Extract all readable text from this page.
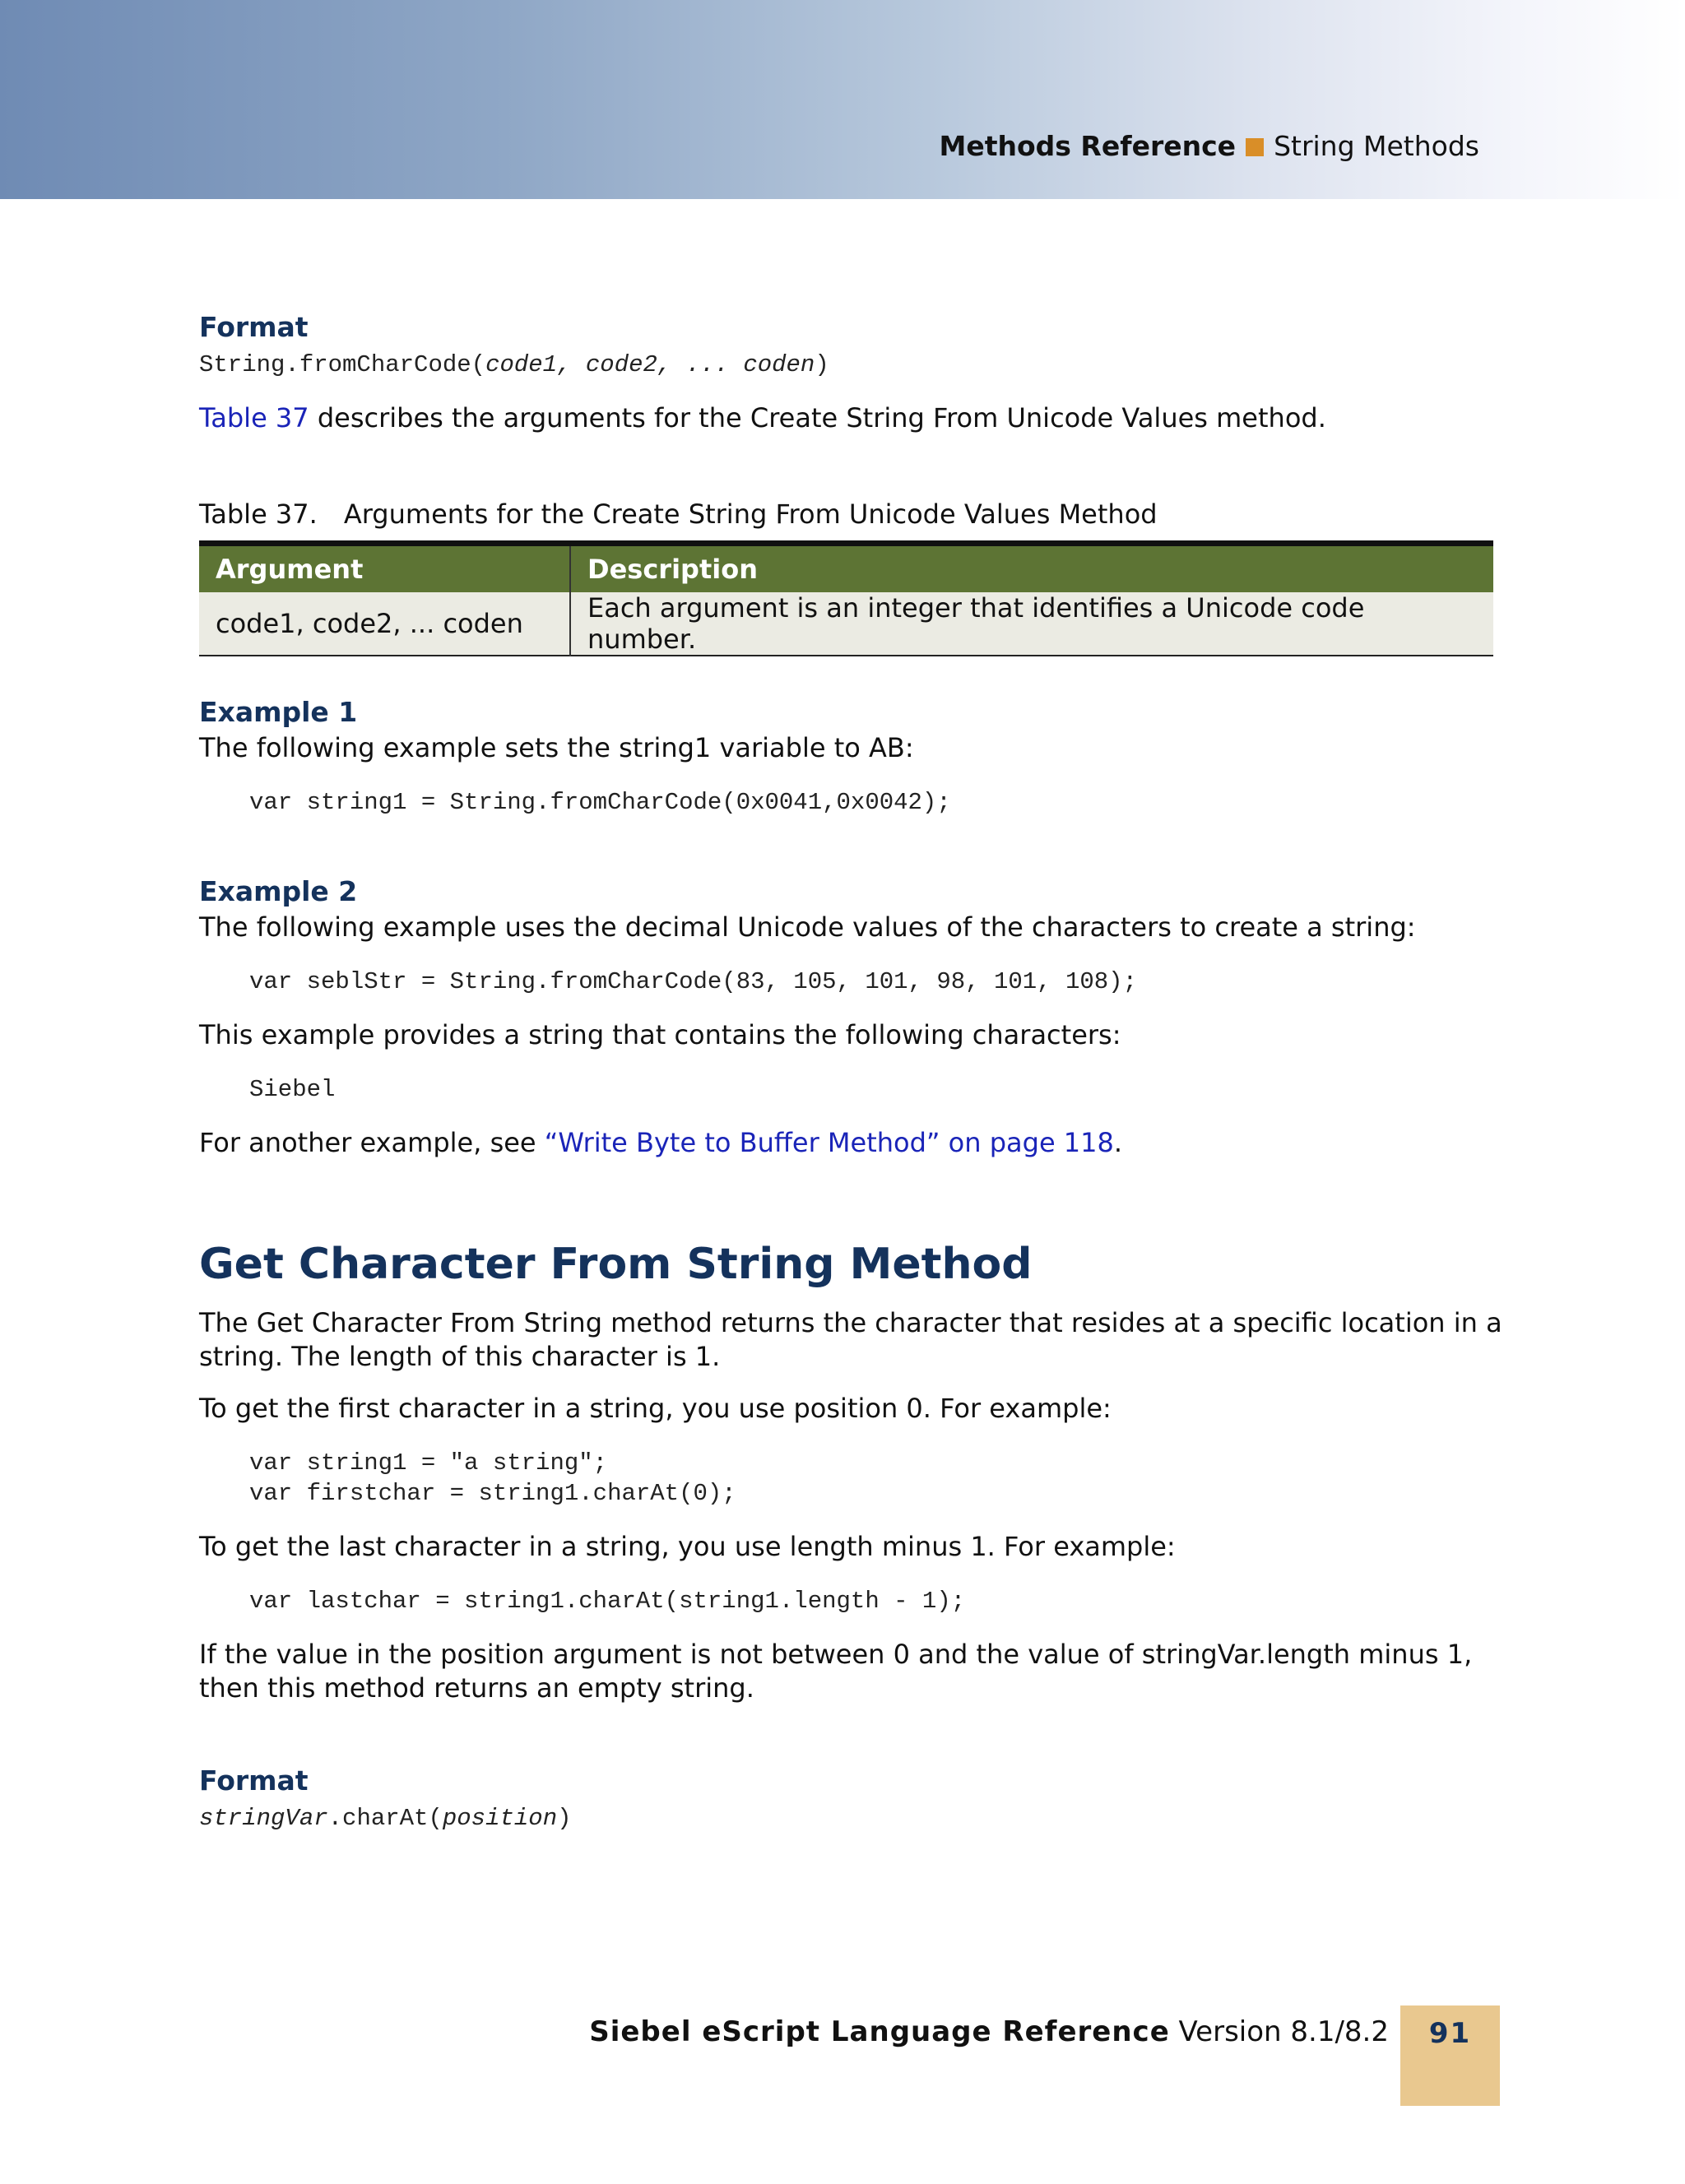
Methods Reference String Methods
Format
String.fromCharCode(code1, code2, ... coden)
Table 37 describes the arguments for the Create String From Unicode Values method.
Table 37. Arguments for the Create String From Unicode Values Method
Argument	Description
code1, code2, ... coden	Each argument is an integer that identifies a Unicode code number.
Example 1
The following example sets the string1 variable to AB:
var string1 = String.fromCharCode(0x0041,0x0042);
Example 2
The following example uses the decimal Unicode values of the characters to create a string:
var seblStr = String.fromCharCode(83, 105, 101, 98, 101, 108);
This example provides a string that contains the following characters:
Siebel
For another example, see “Write Byte to Buffer Method” on page 118.
Get Character From String Method
The Get Character From String method returns the character that resides at a specific location in a
string. The length of this character is 1.
To get the first character in a string, you use position 0. For example:
var string1 = "a string";
var firstchar = string1.charAt(0);
To get the last character in a string, you use length minus 1. For example:
var lastchar = string1.charAt(string1.length - 1);
If the value in the position argument is not between 0 and the value of stringVar.length minus 1,
then this method returns an empty string.
Format
stringVar.charAt(position)
Siebel eScript Language Reference Version 8.1/8.2	91
